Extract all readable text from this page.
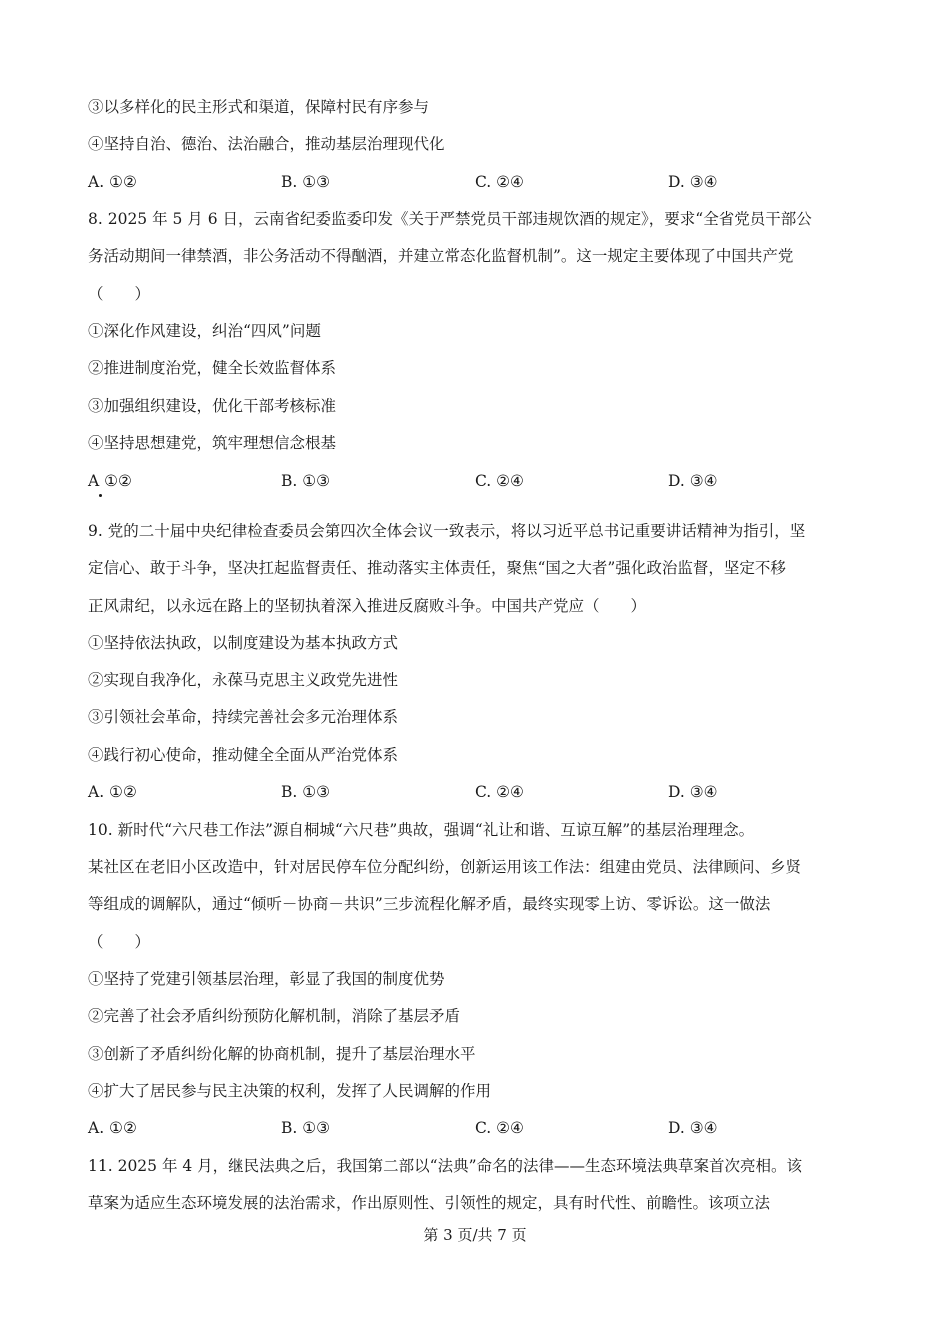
③以多样化的民主形式和渠道，保障村民有序参与
④坚持自治、德治、法治融合，推动基层治理现代化
A. ①②	B. ①③	C. ②④	D. ③④
8. 2025 年 5 月 6 日，云南省纪委监委印发《关于严禁党员干部违规饮酒的规定》，要求“全省党员干部公
务活动期间一律禁酒，非公务活动不得酗酒，并建立常态化监督机制”。这一规定主要体现了中国共产党
（　　）
①深化作风建设，纠治“四风”问题
②推进制度治党，健全长效监督体系
③加强组织建设，优化干部考核标准
④坚持思想建党，筑牢理想信念根基
A ①②	B. ①③	C. ②④	D. ③④
9. 党的二十届中央纪律检查委员会第四次全体会议一致表示，将以习近平总书记重要讲话精神为指引，坚
定信心、敢于斗争，坚决扛起监督责任、推动落实主体责任，聚焦“国之大者”强化政治监督，坚定不移
正风肃纪，以永远在路上的坚韧执着深入推进反腐败斗争。中国共产党应（　　）
①坚持依法执政，以制度建设为基本执政方式
②实现自我净化，永葆马克思主义政党先进性
③引领社会革命，持续完善社会多元治理体系
④践行初心使命，推动健全全面从严治党体系
A. ①②	B. ①③	C. ②④	D. ③④
10. 新时代“六尺巷工作法”源自桐城“六尺巷”典故，强调“礼让和谐、互谅互解”的基层治理理念。
某社区在老旧小区改造中，针对居民停车位分配纠纷，创新运用该工作法：组建由党员、法律顾问、乡贤
等组成的调解队，通过“倾听－协商－共识”三步流程化解矛盾，最终实现零上访、零诉讼。这一做法
（　　）
①坚持了党建引领基层治理，彰显了我国的制度优势
②完善了社会矛盾纠纷预防化解机制，消除了基层矛盾
③创新了矛盾纠纷化解的协商机制，提升了基层治理水平
④扩大了居民参与民主决策的权利，发挥了人民调解的作用
A. ①②	B. ①③	C. ②④	D. ③④
11. 2025 年 4 月，继民法典之后，我国第二部以“法典”命名的法律——生态环境法典草案首次亮相。该
草案为适应生态环境发展的法治需求，作出原则性、引领性的规定，具有时代性、前瞻性。该项立法
第 3 页/共 7 页
